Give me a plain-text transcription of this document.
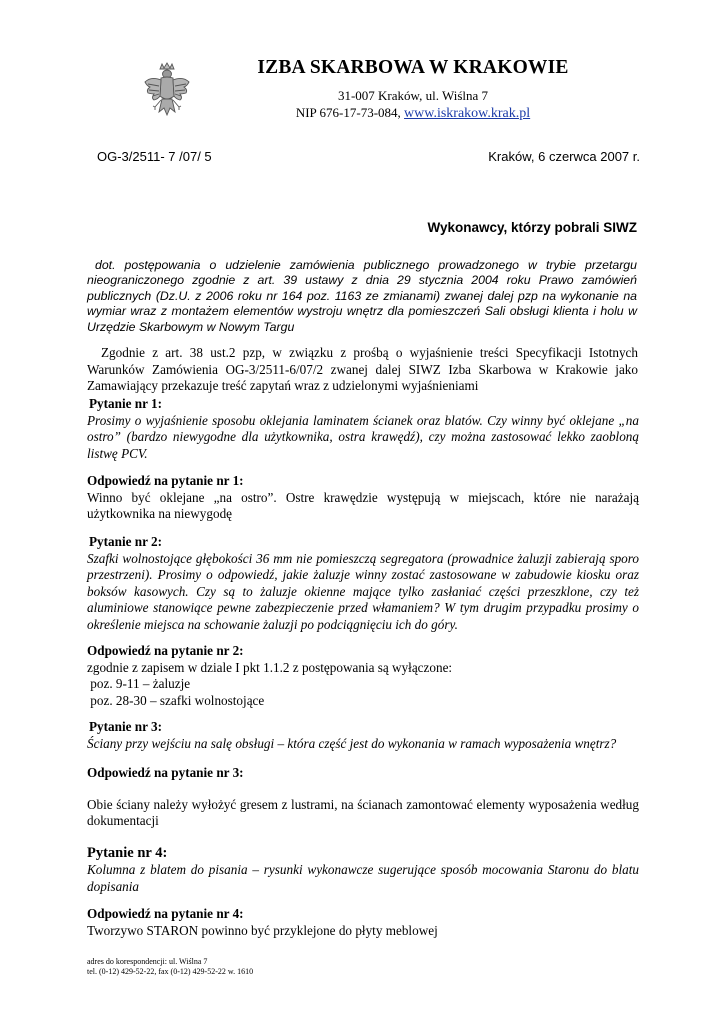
IZBA SKARBOWA W KRAKOWIE
31-007 Kraków, ul. Wiślna 7
NIP 676-17-73-084, www.iskrakow.krak.pl
OG-3/2511- 7 /07/ 5	Kraków, 6 czerwca 2007 r.
Wykonawcy, którzy pobrali SIWZ
dot. postępowania o udzielenie zamówienia publicznego prowadzonego w trybie przetargu nieograniczonego zgodnie z art. 39 ustawy z dnia 29 stycznia 2004 roku Prawo zamówień publicznych (Dz.U. z 2006 roku nr 164 poz. 1163 ze zmianami) zwanej dalej pzp na wykonanie na wymiar wraz z montażem elementów wystroju wnętrz dla pomieszczeń Sali obsługi klienta i holu w Urzędzie Skarbowym w Nowym Targu
Zgodnie z art. 38 ust.2 pzp, w związku z prośbą o wyjaśnienie treści Specyfikacji Istotnych Warunków Zamówienia OG-3/2511-6/07/2 zwanej dalej SIWZ Izba Skarbowa w Krakowie jako Zamawiający przekazuje treść zapytań wraz z udzielonymi wyjaśnieniami
Pytanie nr 1:
Prosimy o wyjaśnienie sposobu oklejania laminatem ścianek oraz blatów. Czy winny być oklejane „na ostro” (bardzo niewygodne dla użytkownika, ostra krawędź), czy można zastosować lekko zaobloną listwę PCV.
Odpowiedź na pytanie nr 1:
Winno być oklejane „na ostro”. Ostre krawędzie występują w miejscach, które nie narażają użytkownika na niewygodę
Pytanie nr 2:
Szafki wolnostojące głębokości 36 mm nie pomieszczą segregatora (prowadnice żaluzji zabierają sporo przestrzeni). Prosimy o odpowiedź, jakie żaluzje winny zostać zastosowane w zabudowie kiosku oraz boksów kasowych. Czy są to żaluzje okienne mające tylko zasłaniać części przeszklone, czy też aluminiowe stanowiące pewne zabezpieczenie przed włamaniem? W tym drugim przypadku prosimy o określenie miejsca na schowanie żaluzji po podciągnięciu ich do góry.
Odpowiedź na pytanie nr 2:
zgodnie z zapisem w dziale I pkt 1.1.2 z postępowania są wyłączone:
poz. 9-11 – żaluzje
poz. 28-30 – szafki wolnostojące
Pytanie nr 3:
Ściany przy wejściu na salę obsługi – która część jest do wykonania w ramach wyposażenia wnętrz?
Odpowiedź na pytanie nr 3:
Obie ściany należy wyłożyć gresem z lustrami, na ścianach zamontować elementy wyposażenia według dokumentacji
Pytanie nr 4:
Kolumna z blatem do pisania – rysunki wykonawcze sugerujące sposób mocowania Staronu do blatu dopisania
Odpowiedź na pytanie nr 4:
Tworzywo STARON powinno być przyklejone do płyty meblowej
adres do korespondencji: ul. Wiślna 7
tel. (0-12) 429-52-22, fax (0-12) 429-52-22 w. 1610
